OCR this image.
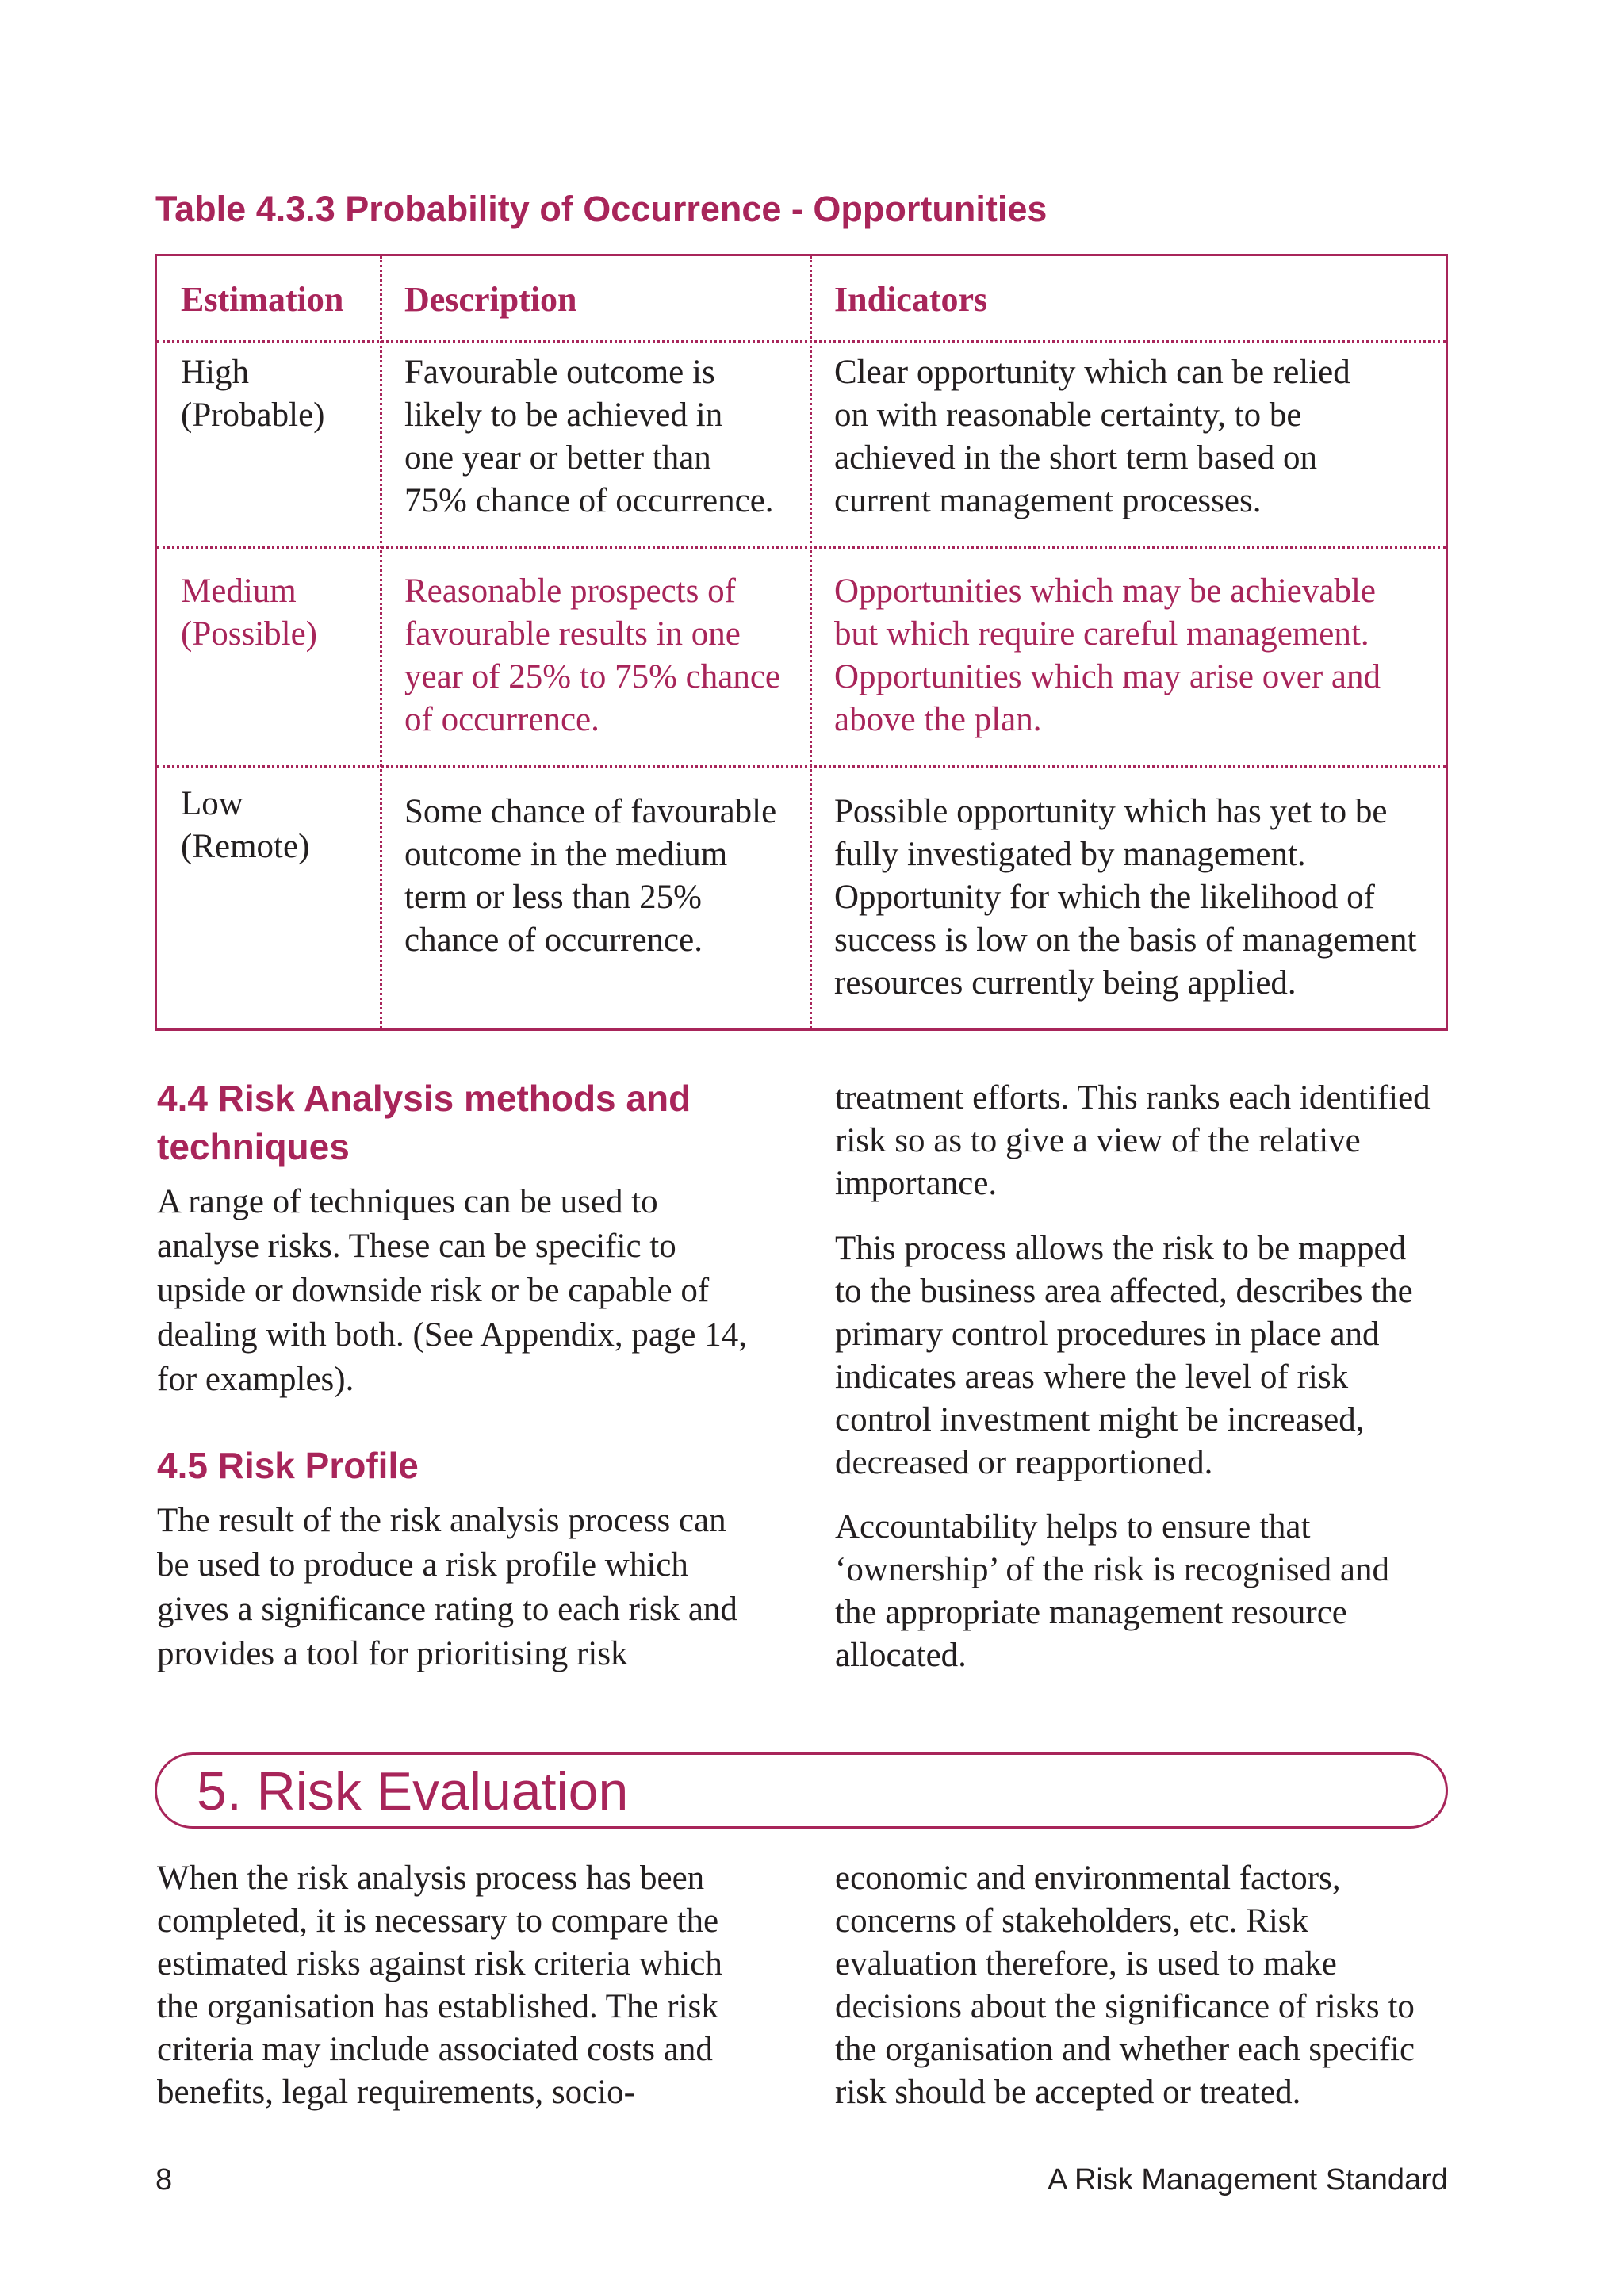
Table 4.3.3 Probability of Occurrence - Opportunities

Estimation Description	Indicators

High
(Probable)
Favourable outcome is
likely to be achieved in
one year or better than
75% chance of occurrence.
Clear opportunity which can be relied
on with reasonable certainty, to be
achieved in the short term based on
current management processes.
Medium
(Possible)
Reasonable prospects of
favourable results in one
year of 25% to 75% chance
of occurrence.
Opportunities which may be achievable
but which require careful management.
Opportunities which may arise over and
above the plan.
Low
(Remote)
Some chance of favourable
outcome in the medium
term or less than 25%
chance of occurrence.
Possible opportunity which has yet to be
fully investigated by management.
Opportunity for which the likelihood of
success is low on the basis of management
resources currently being applied.
4.4 Risk Analysis methods and
techniques
A range of techniques can be used to
analyse risks. These can be specific to
upside or downside risk or be capable of
dealing with both. (See Appendix, page 14,
for examples).
4.5 Risk Profile
The result of the risk analysis process can
be used to produce a risk profile which
gives a significance rating to each risk and
provides a tool for prioritising risk
treatment efforts. This ranks each identified
risk so as to give a view of the relative
importance.
This process allows the risk to be mapped
to the business area affected, describes the
primary control procedures in place and
indicates areas where the level of risk
control investment might be increased,
decreased or reapportioned.
Accountability helps to ensure that
‘ownership’ of the risk is recognised and
the appropriate management resource
allocated.
5. Risk Evaluation
When the risk analysis process has been
completed, it is necessary to compare the
estimated risks against risk criteria which
the organisation has established. The risk
criteria may include associated costs and
benefits, legal requirements, socio-
economic and environmental factors,
concerns of stakeholders, etc. Risk
evaluation therefore, is used to make
decisions about the significance of risks to
the organisation and whether each specific
risk should be accepted or treated.

8	A Risk Management Standard
